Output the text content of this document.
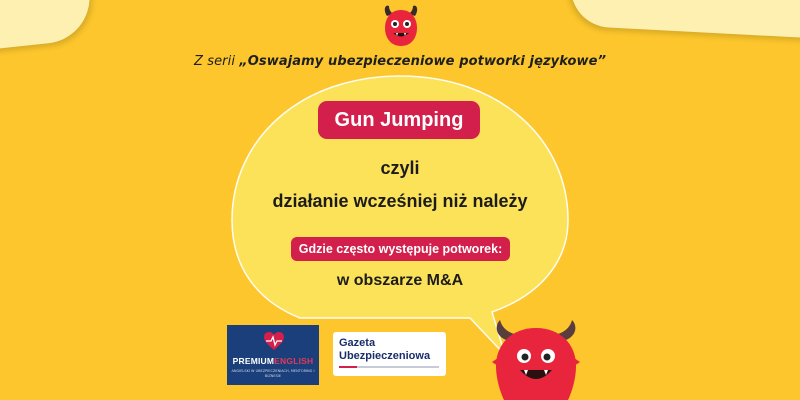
Z serii „Oswajamy ubezpieczeniowe potworki językowe”
Gun Jumping
czyli
działanie wcześniej niż należy
Gdzie często występuje potworek:
w obszarze M&A
PREMIUMENGLISH
ANGIELSKI W UBEZPIECZENIACH, MENTORING I BIZNESIE
Gazeta
Ubezpieczeniowa
